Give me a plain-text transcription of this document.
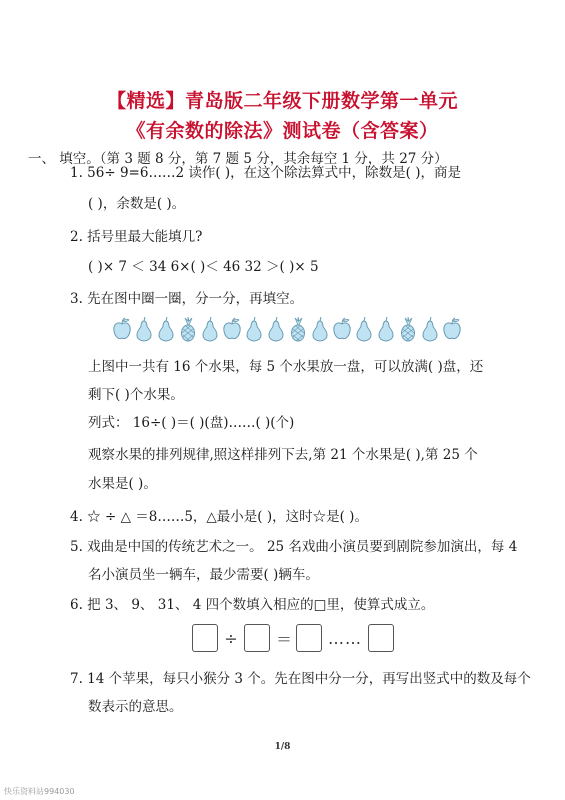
【精选】青岛版二年级下册数学第一单元
《有余数的除法》测试卷（含答案）
一、 填空。（第 3 题 8 分，第 7 题 5 分，其余每空 1 分，共 27 分）
1. 56÷ 9=6……2 读作( )，在这个除法算式中，除数是( )，商是
( )，余数是( )。
2. 括号里最大能填几?
( )× 7 ＜ 34 6×( )＜ 46 32 ＞( )× 5
3. 先在图中圈一圈，分一分，再填空。
上图中一共有 16 个水果，每 5 个水果放一盘，可以放满( )盘，还
剩下( )个水果。
列式： 16÷( )＝( )(盘)……( )(个)
观察水果的排列规律,照这样排列下去,第 21 个水果是( ),第 25 个
水果是( )。
4. ☆ ÷ △ ＝8……5，△最小是( )，这时☆是( )。
5. 戏曲是中国的传统艺术之一。 25 名戏曲小演员要到剧院参加演出，每 4
名小演员坐一辆车，最少需要( )辆车。
6. 把 3、 9、 31、 4 四个数填入相应的□里，使算式成立。
÷ ＝ ……
7. 14 个苹果，每只小猴分 3 个。先在图中分一分，再写出竖式中的数及每个
数表示的意思。
1/8
快乐资料站994030
